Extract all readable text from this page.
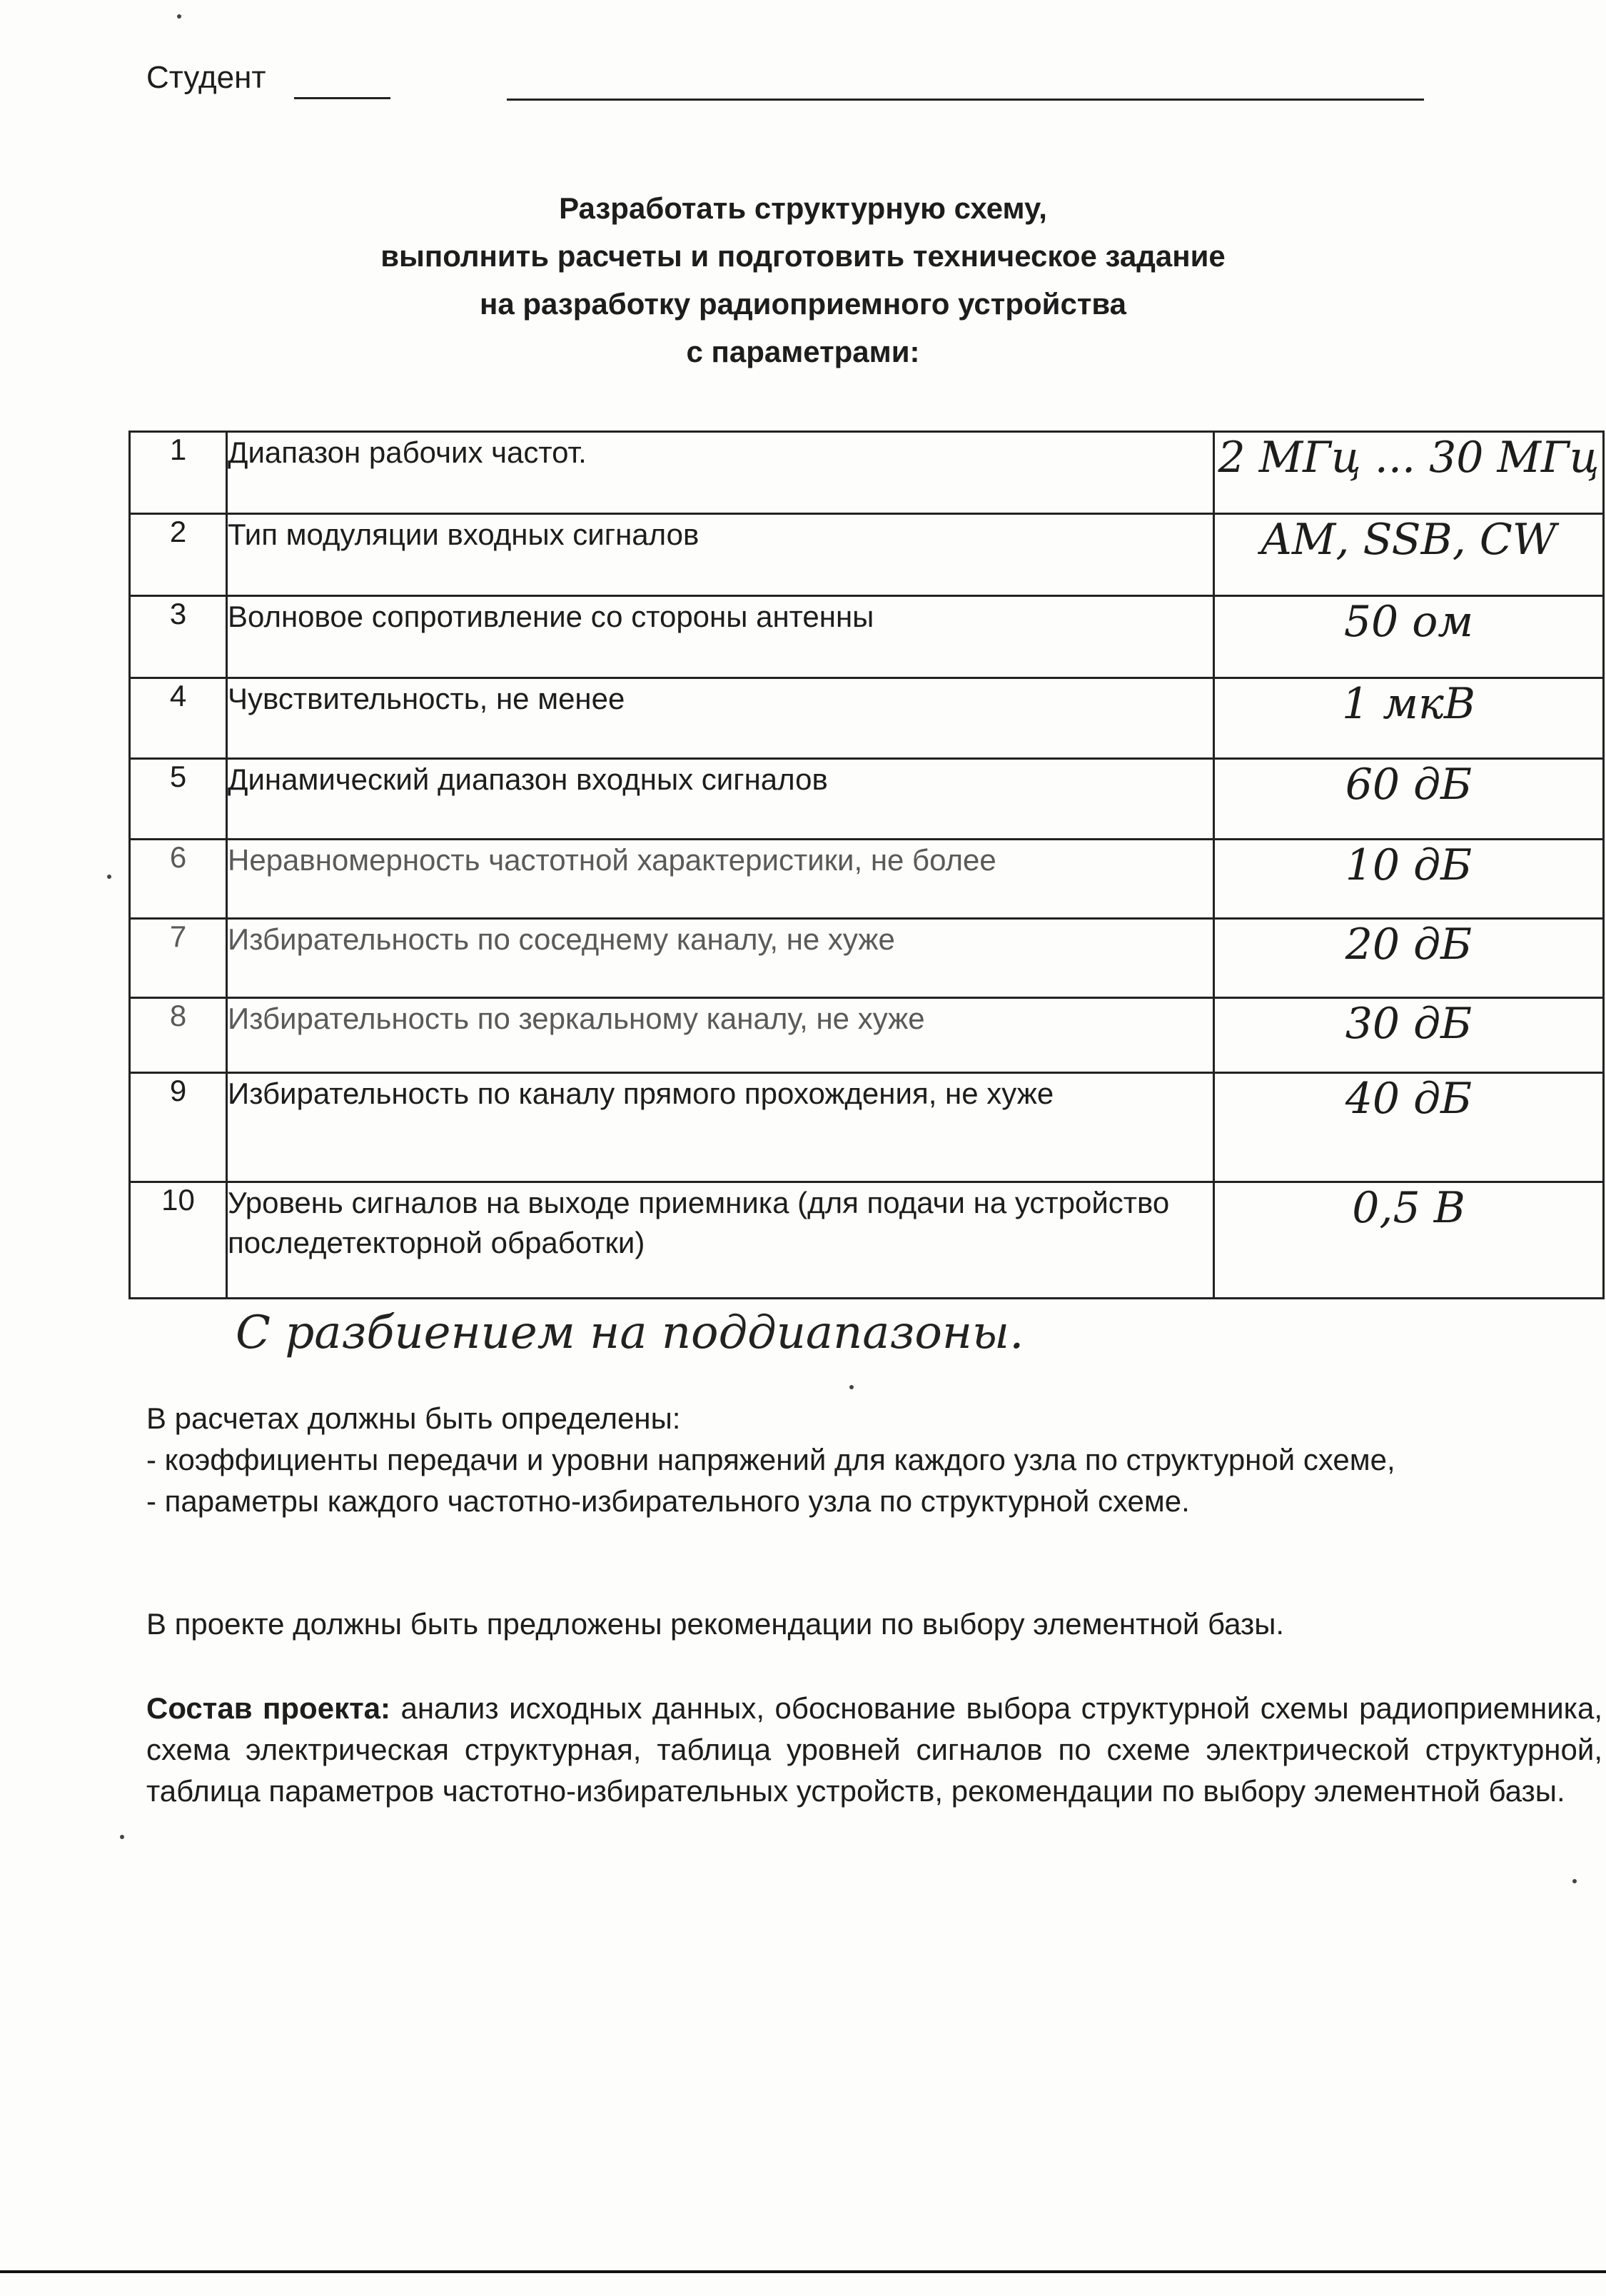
Студент
Разработать структурную схему,
выполнить расчеты и подготовить техническое задание
на разработку радиоприемного устройства
с параметрами:
1	Диапазон рабочих частот.	2 МГц ... 30 МГц
2	Тип модуляции входных сигналов	AM, SSB, CW
3	Волновое сопротивление со стороны антенны	50 ом
4	Чувствительность, не менее	1 мкВ
5	Динамический диапазон входных сигналов	60 дБ
6	Неравномерность частотной характеристики, не более	10 дБ
7	Избирательность по соседнему каналу, не хуже	20 дБ
8	Избирательность по зеркальному каналу, не хуже	30 дБ
9	Избирательность по каналу прямого прохождения, не хуже	40 дБ
10	Уровень сигналов на выходе приемника (для подачи на устройство последетекторной обработки)	0,5 В
С разбиением на поддиапазоны.

В расчетах должны быть определены:

- коэффициенты передачи и уровни напряжений для каждого узла по структурной схеме,

- параметры каждого частотно-избирательного узла по структурной схеме.

В проекте должны быть предложены рекомендации по выбору элементной базы.
Состав проекта: анализ исходных данных, обоснование выбора структурной схемы радиоприемника, схема электрическая структурная, таблица уровней сигналов по схеме электрической структурной, таблица параметров частотно-избирательных устройств, рекомендации по выбору элементной базы.
